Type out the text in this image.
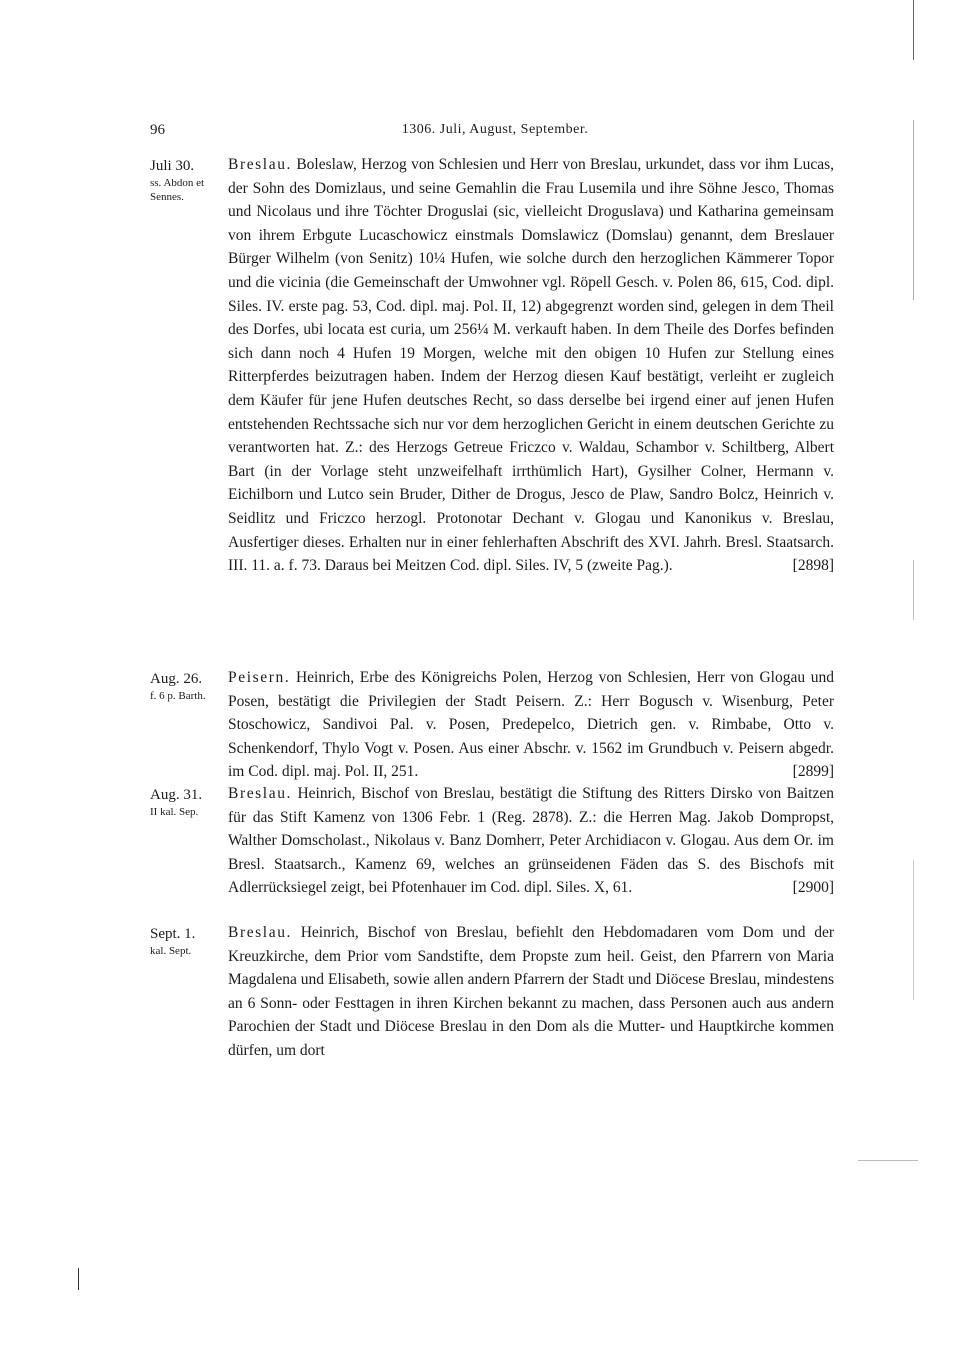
96	1306. Juli, August, September.
Juli 30.
ss. Abdon et Sennes.

Breslau. Boleslaw, Herzog von Schlesien und Herr von Breslau, urkundet, dass vor ihm Lucas, der Sohn des Domizlaus, und seine Gemahlin die Frau Lusemila und ihre Söhne Jesco, Thomas und Nicolaus und ihre Töchter Droguslai (sic, vielleicht Droguslava) und Katharina gemeinsam von ihrem Erbgute Lucaschowicz einstmals Domslawicz (Domslau) genannt, dem Breslauer Bürger Wilhelm (von Senitz) 10¼ Hufen, wie solche durch den herzoglichen Kämmerer Topor und die vicinia (die Gemeinschaft der Umwohner vgl. Röpell Gesch. v. Polen 86, 615, Cod. dipl. Siles. IV. erste pag. 53, Cod. dipl. maj. Pol. II, 12) abgegrenzt worden sind, gelegen in dem Theil des Dorfes, ubi locata est curia, um 256¼ M. verkauft haben. In dem Theile des Dorfes befinden sich dann noch 4 Hufen 19 Morgen, welche mit den obigen 10 Hufen zur Stellung eines Ritterpferdes beizutragen haben. Indem der Herzog diesen Kauf bestätigt, verleiht er zugleich dem Käufer für jene Hufen deutsches Recht, so dass derselbe bei irgend einer auf jenen Hufen entstehenden Rechtssache sich nur vor dem herzoglichen Gericht in einem deutschen Gerichte zu verantworten hat. Z.: des Herzogs Getreue Friczco v. Waldau, Schambor v. Schiltberg, Albert Bart (in der Vorlage steht unzweifelhaft irrthümlich Hart), Gysilher Colner, Hermann v. Eichilborn und Lutco sein Bruder, Dither de Drogus, Jesco de Plaw, Sandro Bolcz, Heinrich v. Seidlitz und Friczco herzogl. Protonotar Dechant v. Glogau und Kanonikus v. Breslau, Ausfertiger dieses. Erhalten nur in einer fehlerhaften Abschrift des XVI. Jahrh. Bresl. Staatsarch. III. 11. a. f. 73. Daraus bei Meitzen Cod. dipl. Siles. IV, 5 (zweite Pag.).	[2898]

Aug. 26.
f. 6 p. Barth.

Peisern. Heinrich, Erbe des Königreichs Polen, Herzog von Schlesien, Herr von Glogau und Posen, bestätigt die Privilegien der Stadt Peisern. Z.: Herr Bogusch v. Wisenburg, Peter Stoschowicz, Sandivoi Pal. v. Posen, Predepelco, Dietrich gen. v. Rimbabe, Otto v. Schenkendorf, Thylo Vogt v. Posen. Aus einer Abschr. v. 1562 im Grundbuch v. Peisern abgedr. im Cod. dipl. maj. Pol. II, 251.	[2899]

Aug. 31.
II kal. Sep.

Breslau. Heinrich, Bischof von Breslau, bestätigt die Stiftung des Ritters Dirsko von Baitzen für das Stift Kamenz von 1306 Febr. 1 (Reg. 2878). Z.: die Herren Mag. Jakob Dompropst, Walther Domscholast., Nikolaus v. Banz Domherr, Peter Archidiacon v. Glogau. Aus dem Or. im Bresl. Staatsarch., Kamenz 69, welches an grünseidenen Fäden das S. des Bischofs mit Adlerrücksiegel zeigt, bei Pfotenhauer im Cod. dipl. Siles. X, 61.	[2900]

Sept. 1.
kal. Sept.

Breslau. Heinrich, Bischof von Breslau, befiehlt den Hebdomadaren vom Dom und der Kreuzkirche, dem Prior vom Sandstifte, dem Propste zum heil. Geist, den Pfarrern von Maria Magdalena und Elisabeth, sowie allen andern Pfarrern der Stadt und Diöcese Breslau, mindestens an 6 Sonn- oder Festtagen in ihren Kirchen bekannt zu machen, dass Personen auch aus andern Parochien der Stadt und Diöcese Breslau in den Dom als die Mutter- und Hauptkirche kommen dürfen, um dort
